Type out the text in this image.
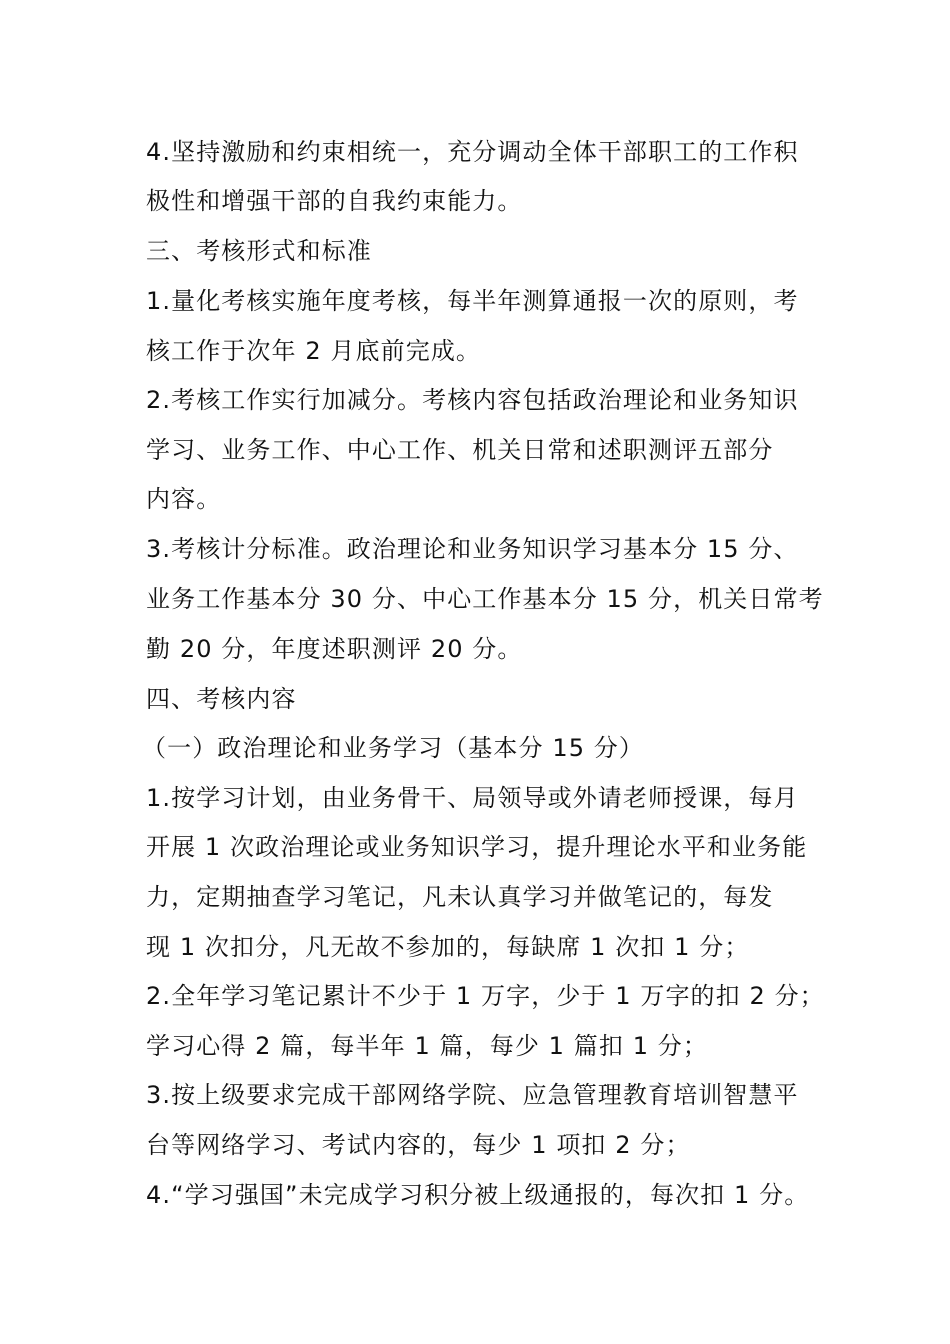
4.坚持激励和约束相统一，充分调动全体干部职工的工作积
极性和增强干部的自我约束能力。
三、考核形式和标准
1.量化考核实施年度考核，每半年测算通报一次的原则，考
核工作于次年 2 月底前完成。
2.考核工作实行加减分。考核内容包括政治理论和业务知识
学习、业务工作、中心工作、机关日常和述职测评五部分
内容。
3.考核计分标准。政治理论和业务知识学习基本分 15 分、
业务工作基本分 30 分、中心工作基本分 15 分，机关日常考
勤 20 分，年度述职测评 20 分。
四、考核内容
（一）政治理论和业务学习（基本分 15 分）
1.按学习计划，由业务骨干、局领导或外请老师授课，每月
开展 1 次政治理论或业务知识学习，提升理论水平和业务能
力，定期抽查学习笔记，凡未认真学习并做笔记的，每发
现 1 次扣分，凡无故不参加的，每缺席 1 次扣 1 分；
2.全年学习笔记累计不少于 1 万字，少于 1 万字的扣 2 分；
学习心得 2 篇，每半年 1 篇，每少 1 篇扣 1 分；
3.按上级要求完成干部网络学院、应急管理教育培训智慧平
台等网络学习、考试内容的，每少 1 项扣 2 分；
4.“学习强国”未完成学习积分被上级通报的，每次扣 1 分。
